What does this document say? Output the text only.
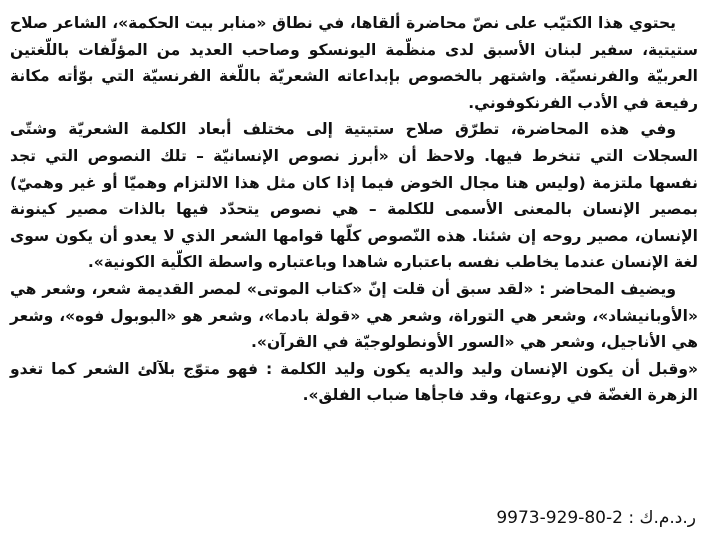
يحتوي هذا الكتيّب على نصّ محاضرة ألقاها، في نطاق «منابر بيت الحكمة»، الشاعر صلاح ستيتية، سفير لبنان الأسبق لدى منظّمة اليونسكو وصاحب العديد من المؤلّفات باللّغتين العربيّة والفرنسيّة. واشتهر بالخصوص بإبداعاته الشعريّة باللّغة الفرنسيّة التي بوّأته مكانة رفيعة في الأدب الفرنكوفوني.

وفي هذه المحاضرة، تطرّق صلاح ستيتية إلى مختلف أبعاد الكلمة الشعريّة وشتّى السجلات التي تنخرط فيها. ولاحظ أن «أبرز نصوص الإنسانيّة – تلك النصوص التي تجد نفسها ملتزمة (وليس هنا مجال الخوض فيما إذا كان مثل هذا الالتزام وهميّا أو غير وهميّ) بمصير الإنسان بالمعنى الأسمى للكلمة – هي نصوص يتحدّد فيها بالذات مصير كينونة الإنسان، مصير روحه إن شئنا. هذه النّصوص كلّها قوامها الشعر الذي لا يعدو أن يكون سوى لغة الإنسان عندما يخاطب نفسه باعتباره شاهدا وباعتباره واسطة الكلّية الكونية».

ويضيف المحاضر : «لقد سبق أن قلت إنّ «كتاب الموتى» لمصر القديمة شعر، وشعر هي «الأوبانيشاد»، وشعر هي التوراة، وشعر هي «قولة بادما»، وشعر هو «البوبول فوه»، وشعر هي الأناجيل، وشعر هي «السور الأونطولوجيّة في القرآن».

«وقبل أن يكون الإنسان وليد والديه يكون وليد الكلمة : فهو متوّج بلآلئ الشعر كما تغدو الزهرة الغضّة في روعتها، وقد فاجأها ضباب الفلق».

ر.د.م.ك : 9973-929-80-2
